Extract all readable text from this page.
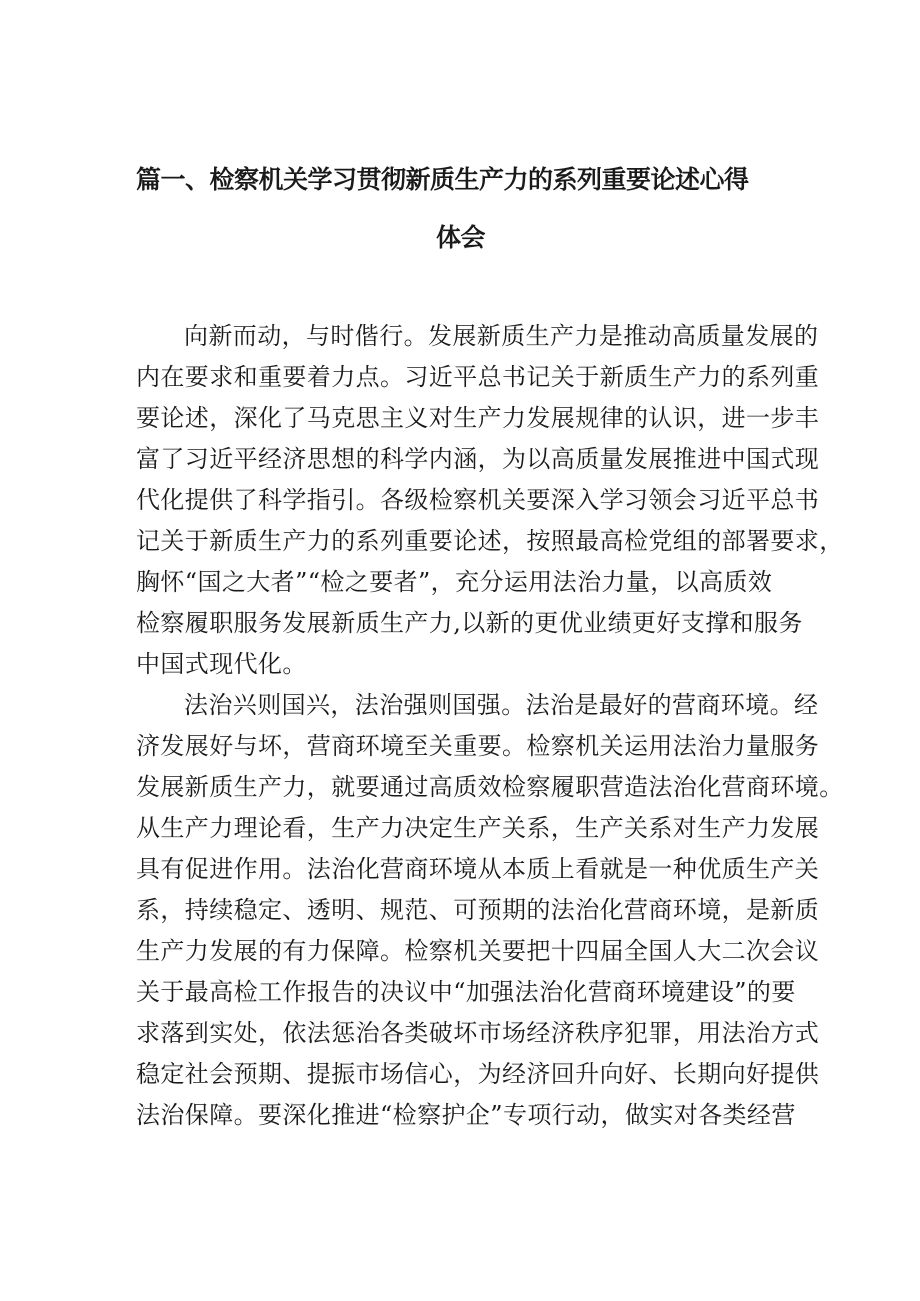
篇一、检察机关学习贯彻新质生产力的系列重要论述心得
体会
向新而动，与时偕行。发展新质生产力是推动高质量发展的
内在要求和重要着力点。习近平总书记关于新质生产力的系列重
要论述，深化了马克思主义对生产力发展规律的认识，进一步丰
富了习近平经济思想的科学内涵，为以高质量发展推进中国式现
代化提供了科学指引。各级检察机关要深入学习领会习近平总书
记关于新质生产力的系列重要论述，按照最高检党组的部署要求，
胸怀“国之大者”“检之要者”，充分运用法治力量，以高质效
检察履职服务发展新质生产力,以新的更优业绩更好支撑和服务
中国式现代化。
法治兴则国兴，法治强则国强。法治是最好的营商环境。经
济发展好与坏，营商环境至关重要。检察机关运用法治力量服务
发展新质生产力，就要通过高质效检察履职营造法治化营商环境。
从生产力理论看，生产力决定生产关系，生产关系对生产力发展
具有促进作用。法治化营商环境从本质上看就是一种优质生产关
系，持续稳定、透明、规范、可预期的法治化营商环境，是新质
生产力发展的有力保障。检察机关要把十四届全国人大二次会议
关于最高检工作报告的决议中“加强法治化营商环境建设”的要
求落到实处，依法惩治各类破坏市场经济秩序犯罪，用法治方式
稳定社会预期、提振市场信心，为经济回升向好、长期向好提供
法治保障。要深化推进“检察护企”专项行动，做实对各类经营
